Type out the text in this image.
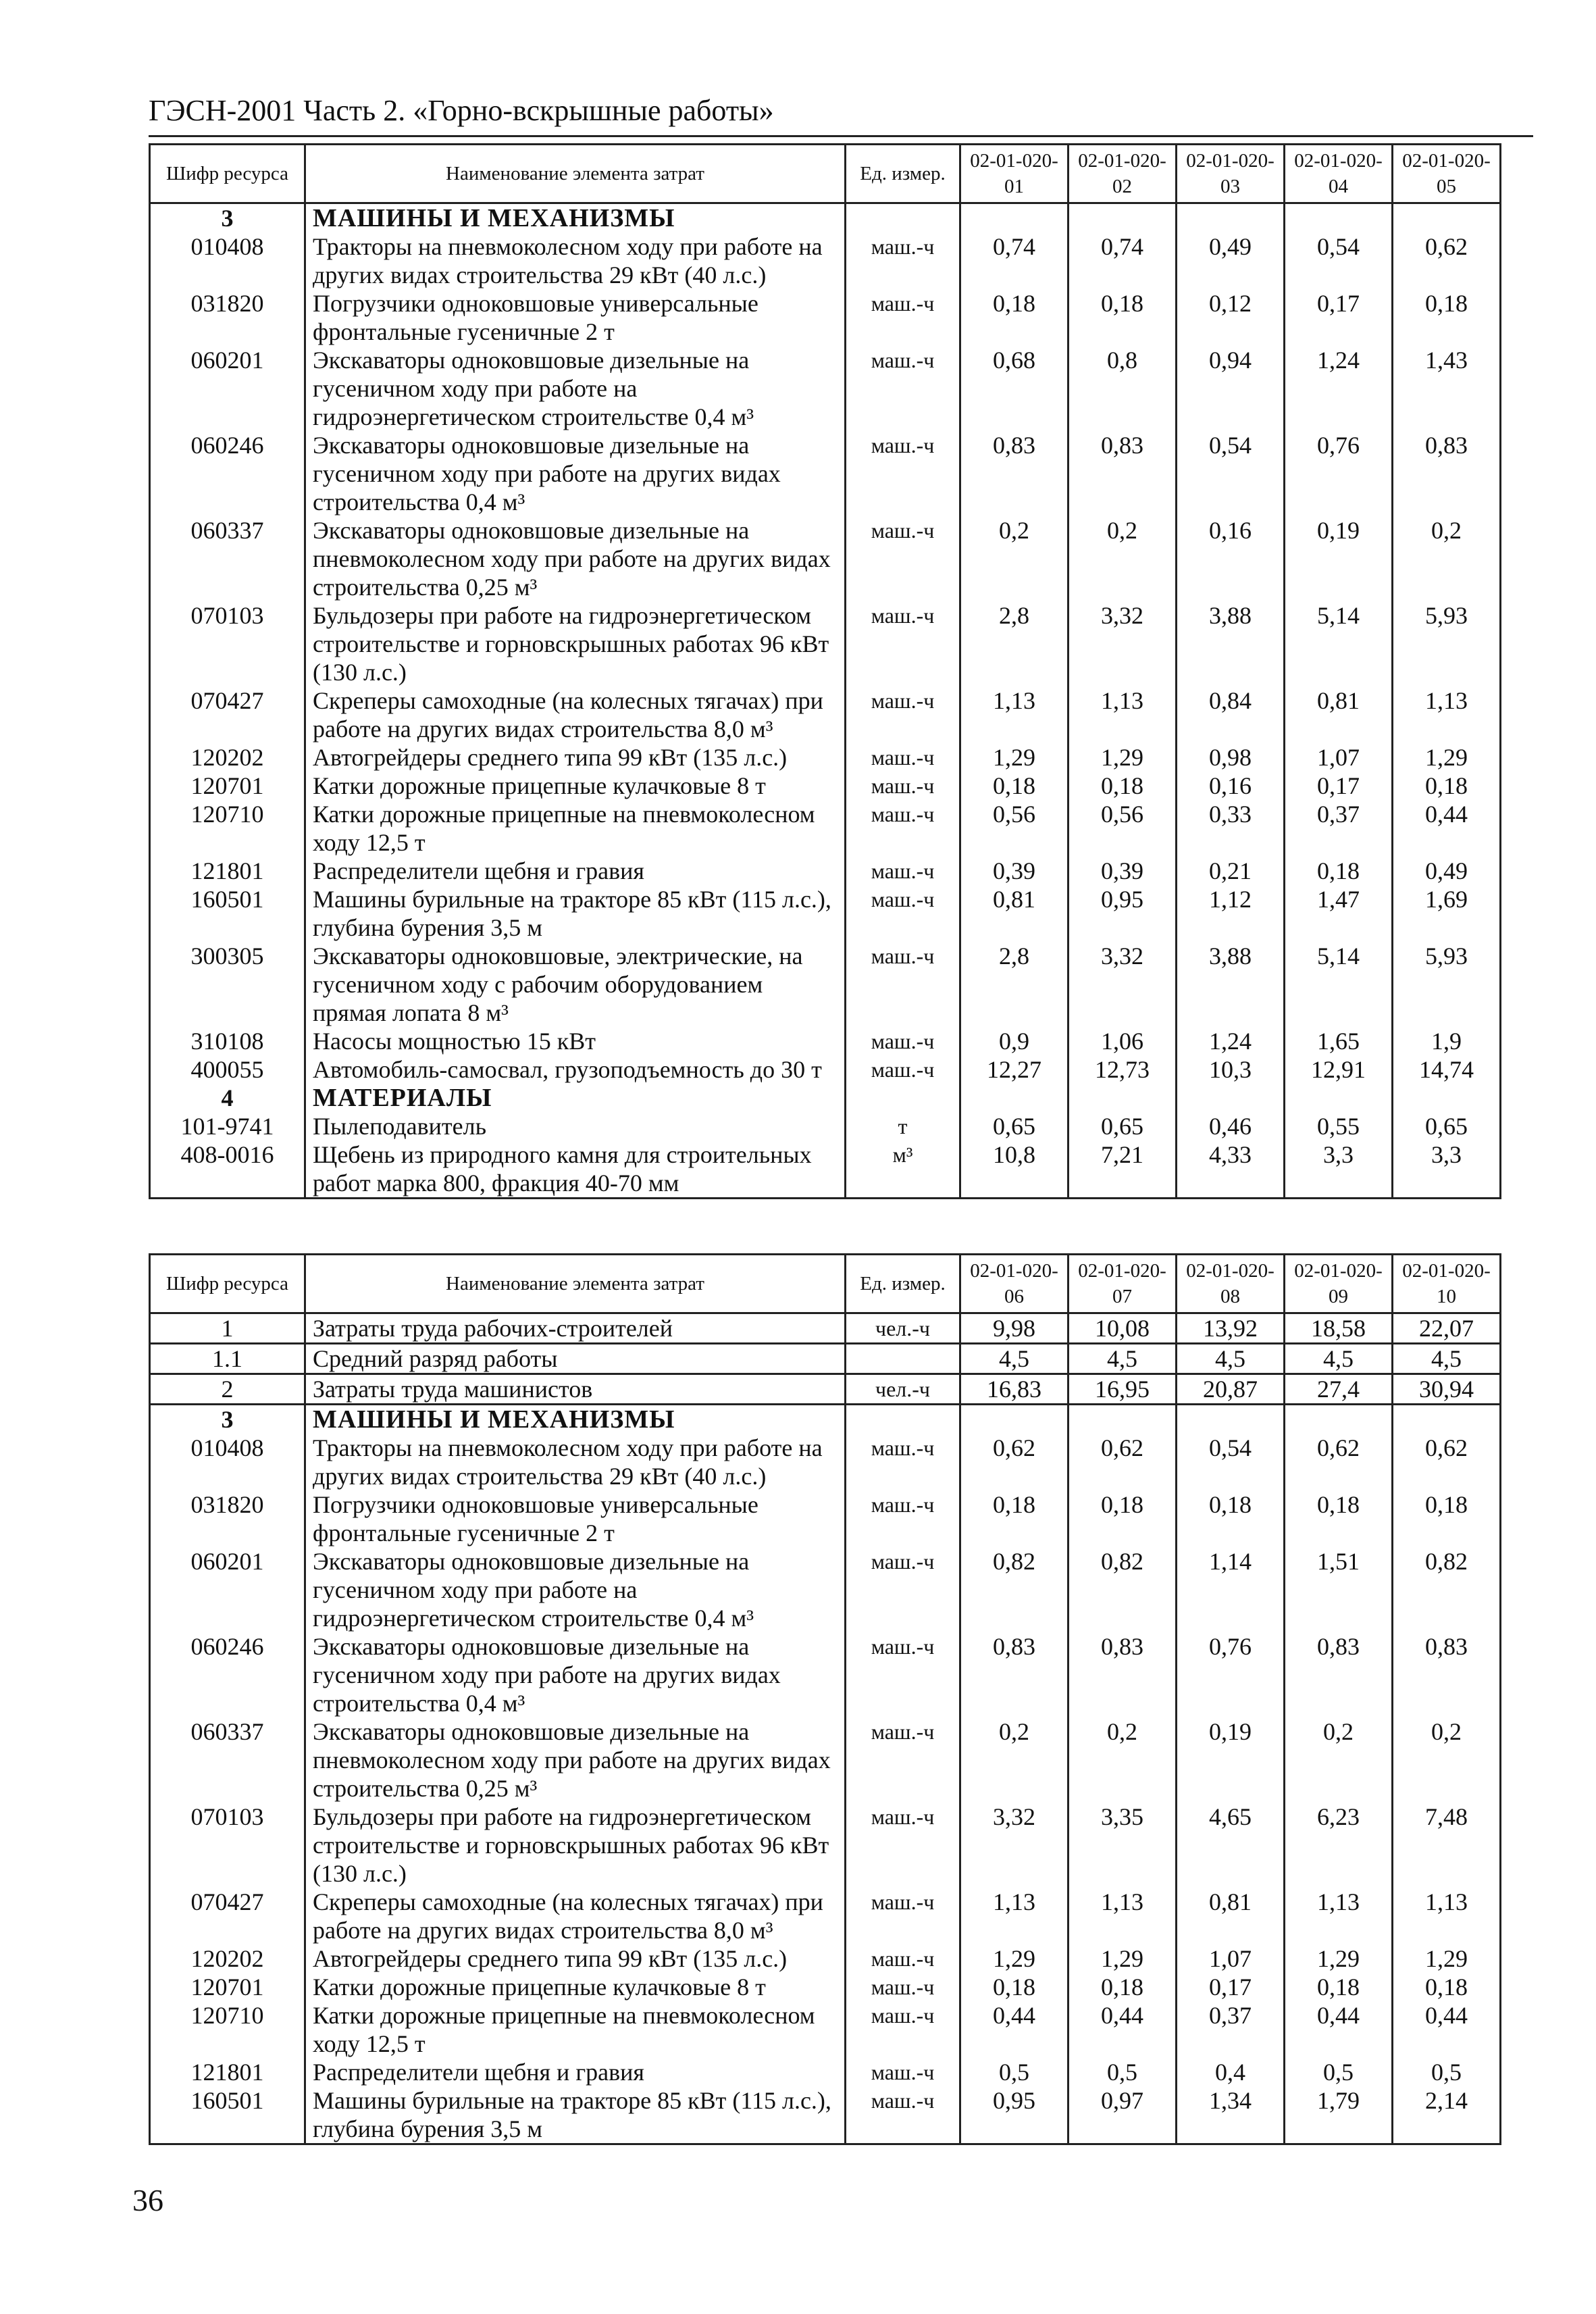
ГЭСН-2001 Часть 2. «Горно-вскрышные работы»
Шифр ресурса	Наименование элемента затрат	Ед. измер.	02-01-020-01	02-01-020-02	02-01-020-03	02-01-020-04	02-01-020-05
3	МАШИНЫ И МЕХАНИЗМЫ						
010408	Тракторы на пневмоколесном ходу при работе на других видах строительства 29 кВт (40 л.с.)	маш.-ч	0,74	0,74	0,49	0,54	0,62
031820	Погрузчики одноковшовые универсальные фронтальные гусеничные 2 т	маш.-ч	0,18	0,18	0,12	0,17	0,18
060201	Экскаваторы одноковшовые дизельные на гусеничном ходу при работе на гидроэнергетическом строительстве 0,4 м³	маш.-ч	0,68	0,8	0,94	1,24	1,43
060246	Экскаваторы одноковшовые дизельные на гусеничном ходу при работе на других видах строительства 0,4 м³	маш.-ч	0,83	0,83	0,54	0,76	0,83
060337	Экскаваторы одноковшовые дизельные на пневмоколесном ходу при работе на других видах строительства 0,25 м³	маш.-ч	0,2	0,2	0,16	0,19	0,2
070103	Бульдозеры при работе на гидроэнергетическом строительстве и горновскрышных работах 96 кВт (130 л.с.)	маш.-ч	2,8	3,32	3,88	5,14	5,93
070427	Скреперы самоходные (на колесных тягачах) при работе на других видах строительства 8,0 м³	маш.-ч	1,13	1,13	0,84	0,81	1,13
120202	Автогрейдеры среднего типа 99 кВт (135 л.с.)	маш.-ч	1,29	1,29	0,98	1,07	1,29
120701	Катки дорожные прицепные кулачковые 8 т	маш.-ч	0,18	0,18	0,16	0,17	0,18
120710	Катки дорожные прицепные на пневмоколесном ходу 12,5 т	маш.-ч	0,56	0,56	0,33	0,37	0,44
121801	Распределители щебня и гравия	маш.-ч	0,39	0,39	0,21	0,18	0,49
160501	Машины бурильные на тракторе 85 кВт (115 л.с.), глубина бурения 3,5 м	маш.-ч	0,81	0,95	1,12	1,47	1,69
300305	Экскаваторы одноковшовые, электрические, на гусеничном ходу с рабочим оборудованием прямая лопата 8 м³	маш.-ч	2,8	3,32	3,88	5,14	5,93
310108	Насосы мощностью 15 кВт	маш.-ч	0,9	1,06	1,24	1,65	1,9
400055	Автомобиль-самосвал, грузоподъемность до 30 т	маш.-ч	12,27	12,73	10,3	12,91	14,74
4	МАТЕРИАЛЫ						
101-9741	Пылеподавитель	т	0,65	0,65	0,46	0,55	0,65
408-0016	Щебень из природного камня для строительных работ марка 800, фракция 40-70 мм	м³	10,8	7,21	4,33	3,3	3,3
Шифр ресурса	Наименование элемента затрат	Ед. измер.	02-01-020-06	02-01-020-07	02-01-020-08	02-01-020-09	02-01-020-10
1	Затраты труда рабочих-строителей	чел.-ч	9,98	10,08	13,92	18,58	22,07
1.1	Средний разряд работы		4,5	4,5	4,5	4,5	4,5
2	Затраты труда машинистов	чел.-ч	16,83	16,95	20,87	27,4	30,94
3	МАШИНЫ И МЕХАНИЗМЫ						
010408	Тракторы на пневмоколесном ходу при работе на других видах строительства 29 кВт (40 л.с.)	маш.-ч	0,62	0,62	0,54	0,62	0,62
031820	Погрузчики одноковшовые универсальные фронтальные гусеничные 2 т	маш.-ч	0,18	0,18	0,18	0,18	0,18
060201	Экскаваторы одноковшовые дизельные на гусеничном ходу при работе на гидроэнергетическом строительстве 0,4 м³	маш.-ч	0,82	0,82	1,14	1,51	0,82
060246	Экскаваторы одноковшовые дизельные на гусеничном ходу при работе на других видах строительства 0,4 м³	маш.-ч	0,83	0,83	0,76	0,83	0,83
060337	Экскаваторы одноковшовые дизельные на пневмоколесном ходу при работе на других видах строительства 0,25 м³	маш.-ч	0,2	0,2	0,19	0,2	0,2
070103	Бульдозеры при работе на гидроэнергетическом строительстве и горновскрышных работах 96 кВт (130 л.с.)	маш.-ч	3,32	3,35	4,65	6,23	7,48
070427	Скреперы самоходные (на колесных тягачах) при работе на других видах строительства 8,0 м³	маш.-ч	1,13	1,13	0,81	1,13	1,13
120202	Автогрейдеры среднего типа 99 кВт (135 л.с.)	маш.-ч	1,29	1,29	1,07	1,29	1,29
120701	Катки дорожные прицепные кулачковые 8 т	маш.-ч	0,18	0,18	0,17	0,18	0,18
120710	Катки дорожные прицепные на пневмоколесном ходу 12,5 т	маш.-ч	0,44	0,44	0,37	0,44	0,44
121801	Распределители щебня и гравия	маш.-ч	0,5	0,5	0,4	0,5	0,5
160501	Машины бурильные на тракторе 85 кВт (115 л.с.), глубина бурения 3,5 м	маш.-ч	0,95	0,97	1,34	1,79	2,14
36
